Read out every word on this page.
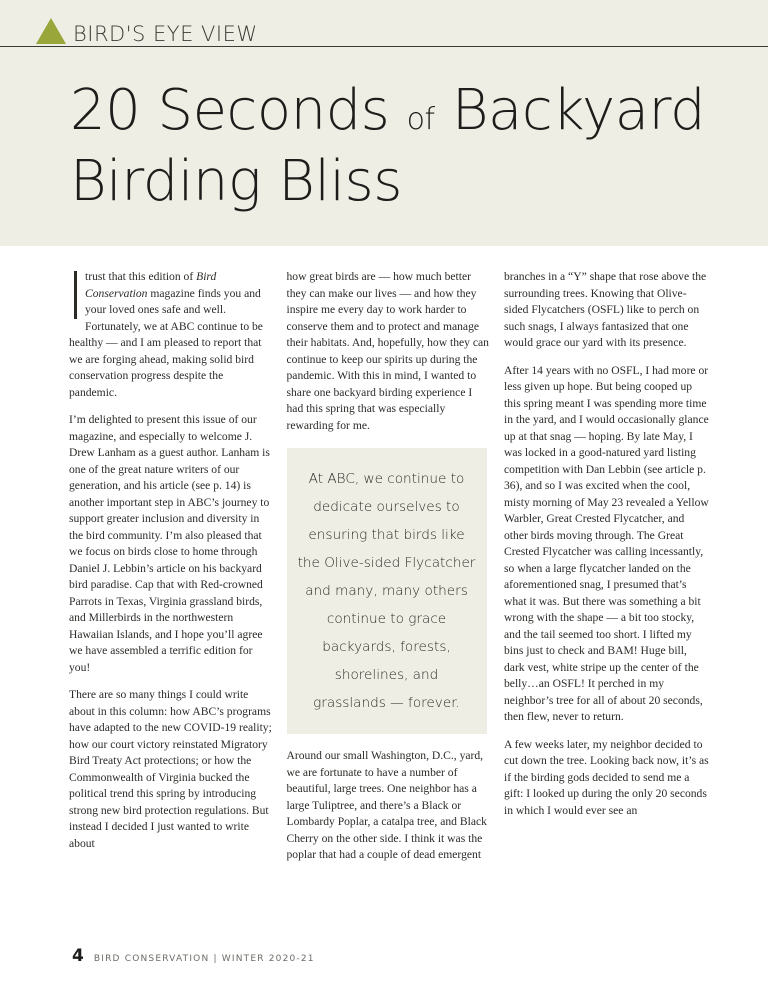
BIRD'S EYE VIEW
20 Seconds of Backyard Birding Bliss

trust that this edition of Bird Conservation magazine finds you and your loved ones safe and well. Fortunately, we at ABC continue to be healthy — and I am pleased to report that we are forging ahead, making solid bird conservation progress despite the pandemic.

I’m delighted to present this issue of our magazine, and especially to welcome J. Drew Lanham as a guest author. Lanham is one of the great nature writers of our generation, and his article (see p. 14) is another important step in ABC’s journey to support greater inclusion and diversity in the bird community. I’m also pleased that we focus on birds close to home through Daniel J. Lebbin’s article on his backyard bird paradise. Cap that with Red-crowned Parrots in Texas, Virginia grassland birds, and Millerbirds in the northwestern Hawaiian Islands, and I hope you’ll agree we have assembled a terrific edition for you!

There are so many things I could write about in this column: how ABC’s programs have adapted to the new COVID-19 reality; how our court victory reinstated Migratory Bird Treaty Act protections; or how the Commonwealth of Virginia bucked the political trend this spring by introducing strong new bird protection regulations. But instead I decided I just wanted to write about

how great birds are — how much better they can make our lives — and how they inspire me every day to work harder to conserve them and to protect and manage their habitats. And, hopefully, how they can continue to keep our spirits up during the pandemic. With this in mind, I wanted to share one backyard birding experience I had this spring that was especially rewarding for me.

At ABC, we continue to dedicate ourselves to ensuring that birds like the Olive-sided Flycatcher and many, many others continue to grace backyards, forests, shorelines, and grasslands — forever.

Around our small Washington, D.C., yard, we are fortunate to have a number of beautiful, large trees. One neighbor has a large Tuliptree, and there’s a Black or Lombardy Poplar, a catalpa tree, and Black Cherry on the other side. I think it was the poplar that had a couple of dead emergent

branches in a “Y” shape that rose above the surrounding trees. Knowing that Olive-sided Flycatchers (OSFL) like to perch on such snags, I always fantasized that one would grace our yard with its presence.

After 14 years with no OSFL, I had more or less given up hope. But being cooped up this spring meant I was spending more time in the yard, and I would occasionally glance up at that snag — hoping. By late May, I was locked in a good-natured yard listing competition with Dan Lebbin (see article p. 36), and so I was excited when the cool, misty morning of May 23 revealed a Yellow Warbler, Great Crested Flycatcher, and other birds moving through. The Great Crested Flycatcher was calling incessantly, so when a large flycatcher landed on the aforementioned snag, I presumed that’s what it was. But there was something a bit wrong with the shape — a bit too stocky, and the tail seemed too short. I lifted my bins just to check and BAM! Huge bill, dark vest, white stripe up the center of the belly…an OSFL! It perched in my neighbor’s tree for all of about 20 seconds, then flew, never to return.

A few weeks later, my neighbor decided to cut down the tree. Looking back now, it’s as if the birding gods decided to send me a gift: I looked up during the only 20 seconds in which I would ever see an

4 BIRD CONSERVATION | WINTER 2020-21
